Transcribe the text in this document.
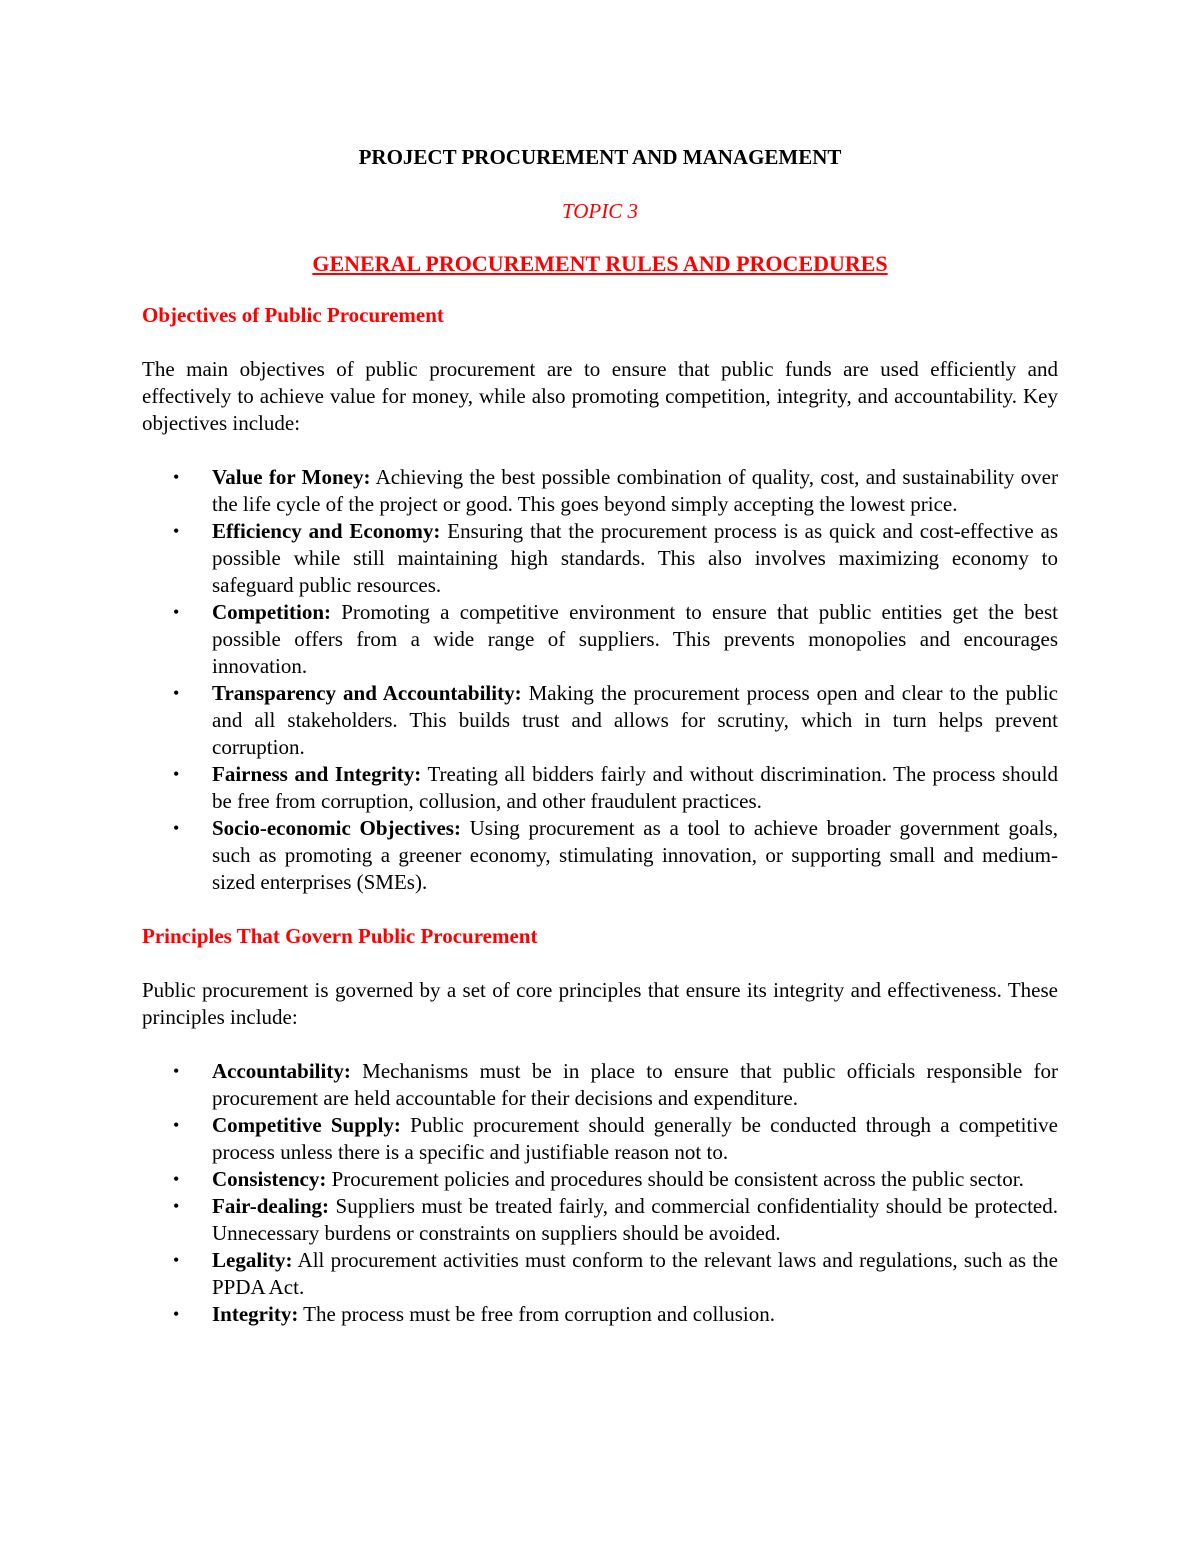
PROJECT PROCUREMENT AND MANAGEMENT

TOPIC 3

GENERAL PROCUREMENT RULES AND PROCEDURES
Objectives of Public Procurement

The main objectives of public procurement are to ensure that public funds are used efficiently and effectively to achieve value for money, while also promoting competition, integrity, and accountability. Key objectives include:

• Value for Money: Achieving the best possible combination of quality, cost, and sustainability over the life cycle of the project or good. This goes beyond simply accepting the lowest price.
• Efficiency and Economy: Ensuring that the procurement process is as quick and cost-effective as possible while still maintaining high standards. This also involves maximizing economy to safeguard public resources.
• Competition: Promoting a competitive environment to ensure that public entities get the best possible offers from a wide range of suppliers. This prevents monopolies and encourages innovation.
• Transparency and Accountability: Making the procurement process open and clear to the public and all stakeholders. This builds trust and allows for scrutiny, which in turn helps prevent corruption.
• Fairness and Integrity: Treating all bidders fairly and without discrimination. The process should be free from corruption, collusion, and other fraudulent practices.
• Socio-economic Objectives: Using procurement as a tool to achieve broader government goals, such as promoting a greener economy, stimulating innovation, or supporting small and medium-sized enterprises (SMEs).
Principles That Govern Public Procurement

Public procurement is governed by a set of core principles that ensure its integrity and effectiveness. These principles include:

• Accountability: Mechanisms must be in place to ensure that public officials responsible for procurement are held accountable for their decisions and expenditure.
• Competitive Supply: Public procurement should generally be conducted through a competitive process unless there is a specific and justifiable reason not to.
• Consistency: Procurement policies and procedures should be consistent across the public sector.
• Fair-dealing: Suppliers must be treated fairly, and commercial confidentiality should be protected. Unnecessary burdens or constraints on suppliers should be avoided.
• Legality: All procurement activities must conform to the relevant laws and regulations, such as the PPDA Act.
• Integrity: The process must be free from corruption and collusion.
